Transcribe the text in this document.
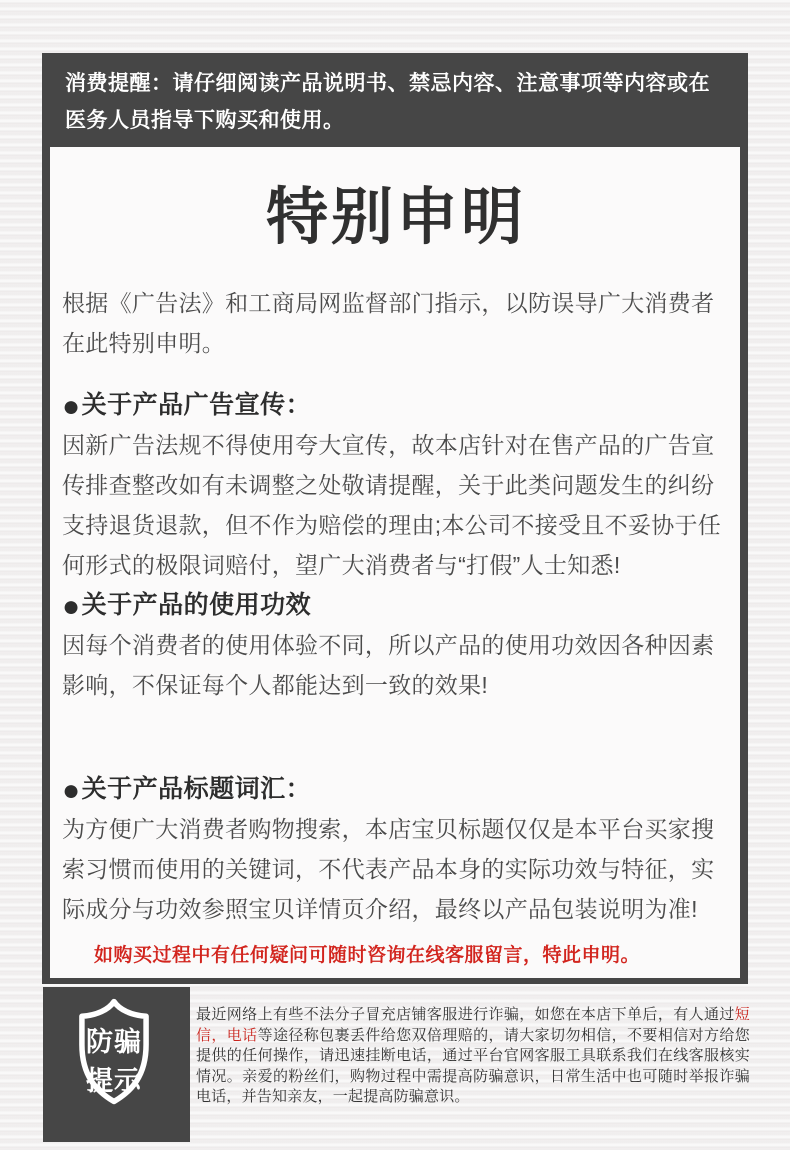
消费提醒：请仔细阅读产品说明书、禁忌内容、注意事项等内容或在医务人员指导下购买和使用。
特别申明
根据《广告法》和工商局网监督部门指示，以防误导广大消费者在此特别申明。
●关于产品广告宣传：
因新广告法规不得使用夸大宣传，故本店针对在售产品的广告宣传排查整改如有未调整之处敬请提醒，关于此类问题发生的纠纷支持退货退款，但不作为赔偿的理由;本公司不接受且不妥协于任何形式的极限词赔付，望广大消费者与“打假”人士知悉!
●关于产品的使用功效
因每个消费者的使用体验不同，所以产品的使用功效因各种因素影响，不保证每个人都能达到一致的效果!
●关于产品标题词汇：
为方便广大消费者购物搜索，本店宝贝标题仅仅是本平台买家搜索习惯而使用的关键词，不代表产品本身的实际功效与特征，实际成分与功效参照宝贝详情页介绍，最终以产品包装说明为准!
如购买过程中有任何疑问可随时咨询在线客服留言，特此申明。
防骗
提示
最近网络上有些不法分子冒充店铺客服进行诈骗，如您在本店下单后，有人通过短信，电话等途径称包裹丢件给您双倍理赔的，请大家切勿相信，不要相信对方给您提供的任何操作，请迅速挂断电话，通过平台官网客服工具联系我们在线客服核实情况。亲爱的粉丝们，购物过程中需提高防骗意识，日常生活中也可随时举报诈骗电话，并告知亲友，一起提高防骗意识。
